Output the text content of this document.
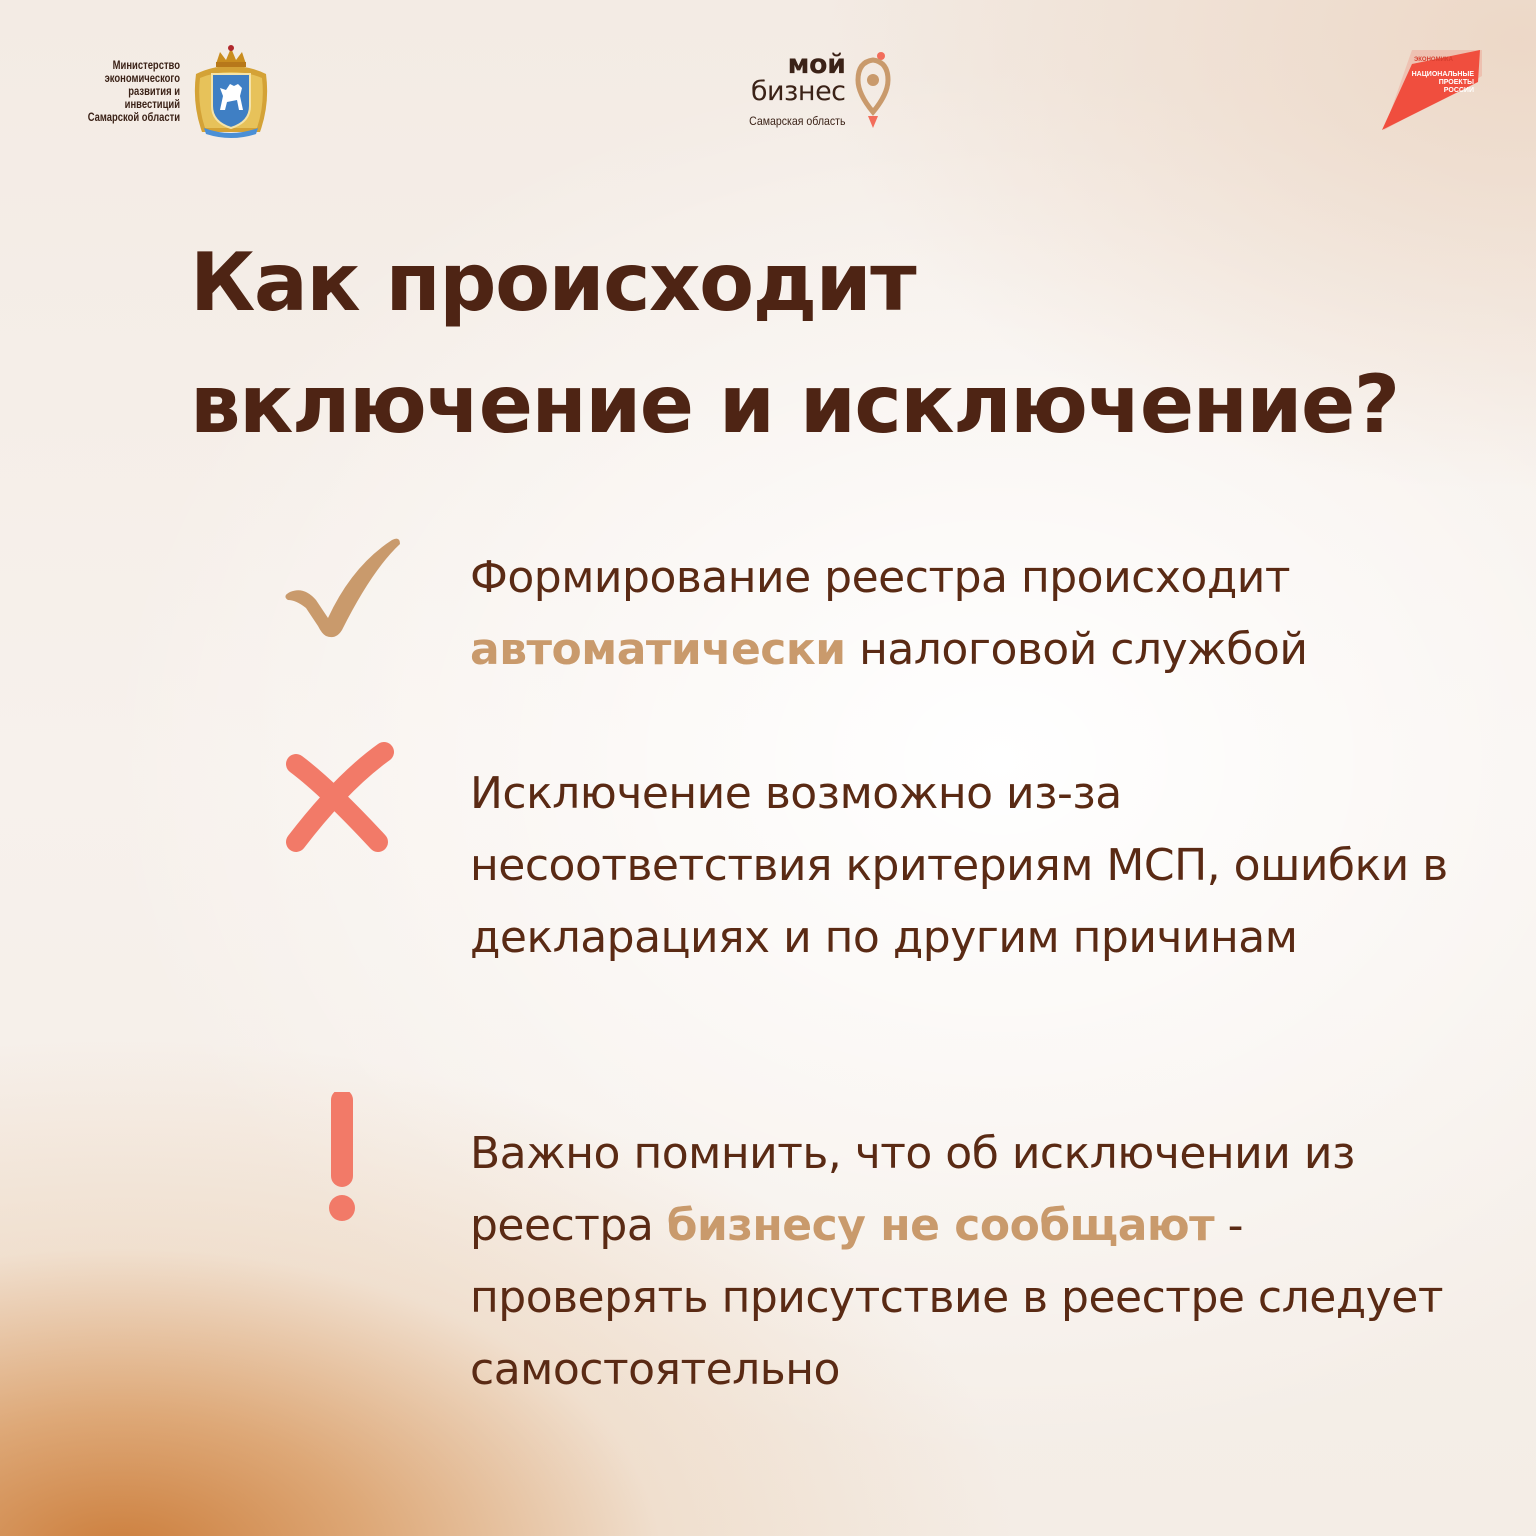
Министерство
экономического
развития и инвестиций
Самарской области
мой
бизнес
Самарская область
ЭКОНОМИКА
НАЦИОНАЛЬНЫЕ
ПРОЕКТЫ
РОССИИ
Как происходит
включение и исключение?

Формирование реестра происходит автоматически налоговой службой

Исключение возможно из-за несоответствия критериям МСП, ошибки в декларациях и по другим причинам

Важно помнить, что об исключении из реестра бизнесу не сообщают - проверять присутствие в реестре следует самостоятельно
